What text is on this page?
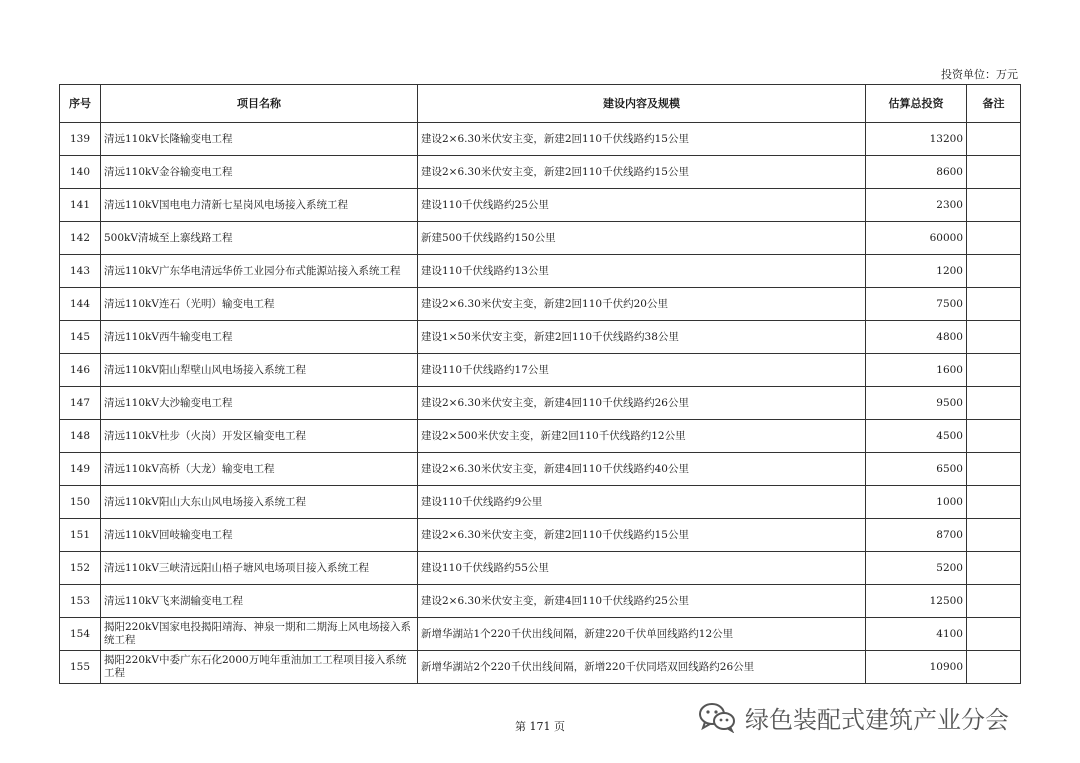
投资单位：万元
序号	项目名称	建设内容及规模	估算总投资	备注
139	清远110kV长隆输变电工程	建设2×6.30米伏安主变，新建2回110千伏线路约15公里	13200	
140	清远110kV金谷输变电工程	建设2×6.30米伏安主变，新建2回110千伏线路约15公里	8600	
141	清远110kV国电电力清新七星岗风电场接入系统工程	建设110千伏线路约25公里	2300	
142	500kV清城至上寨线路工程	新建500千伏线路约150公里	60000	
143	清远110kV广东华电清远华侨工业园分布式能源站接入系统工程	建设110千伏线路约13公里	1200	
144	清远110kV连石（光明）输变电工程	建设2×6.30米伏安主变，新建2回110千伏约20公里	7500	
145	清远110kV西牛输变电工程	建设1×50米伏安主变，新建2回110千伏线路约38公里	4800	
146	清远110kV阳山犁壁山风电场接入系统工程	建设110千伏线路约17公里	1600	
147	清远110kV大沙输变电工程	建设2×6.30米伏安主变，新建4回110千伏线路约26公里	9500	
148	清远110kV杜步（火岗）开发区输变电工程	建设2×500米伏安主变，新建2回110千伏线路约12公里	4500	
149	清远110kV高桥（大龙）输变电工程	建设2×6.30米伏安主变，新建4回110千伏线路约40公里	6500	
150	清远110kV阳山大东山风电场接入系统工程	建设110千伏线路约9公里	1000	
151	清远110kV回岐输变电工程	建设2×6.30米伏安主变，新建2回110千伏线路约15公里	8700	
152	清远110kV三峡清远阳山梧子塘风电场项目接入系统工程	建设110千伏线路约55公里	5200	
153	清远110kV飞来湖输变电工程	建设2×6.30米伏安主变，新建4回110千伏线路约25公里	12500	
154	揭阳220kV国家电投揭阳靖海、神泉一期和二期海上风电场接入系统工程	新增华湖站1个220千伏出线间隔，新建220千伏单回线路约12公里	4100	
155	揭阳220kV中委广东石化2000万吨年重油加工工程项目接入系统工程	新增华湖站2个220千伏出线间隔，新增220千伏同塔双回线路约26公里	10900	
第 171 页	绿色装配式建筑产业分会
